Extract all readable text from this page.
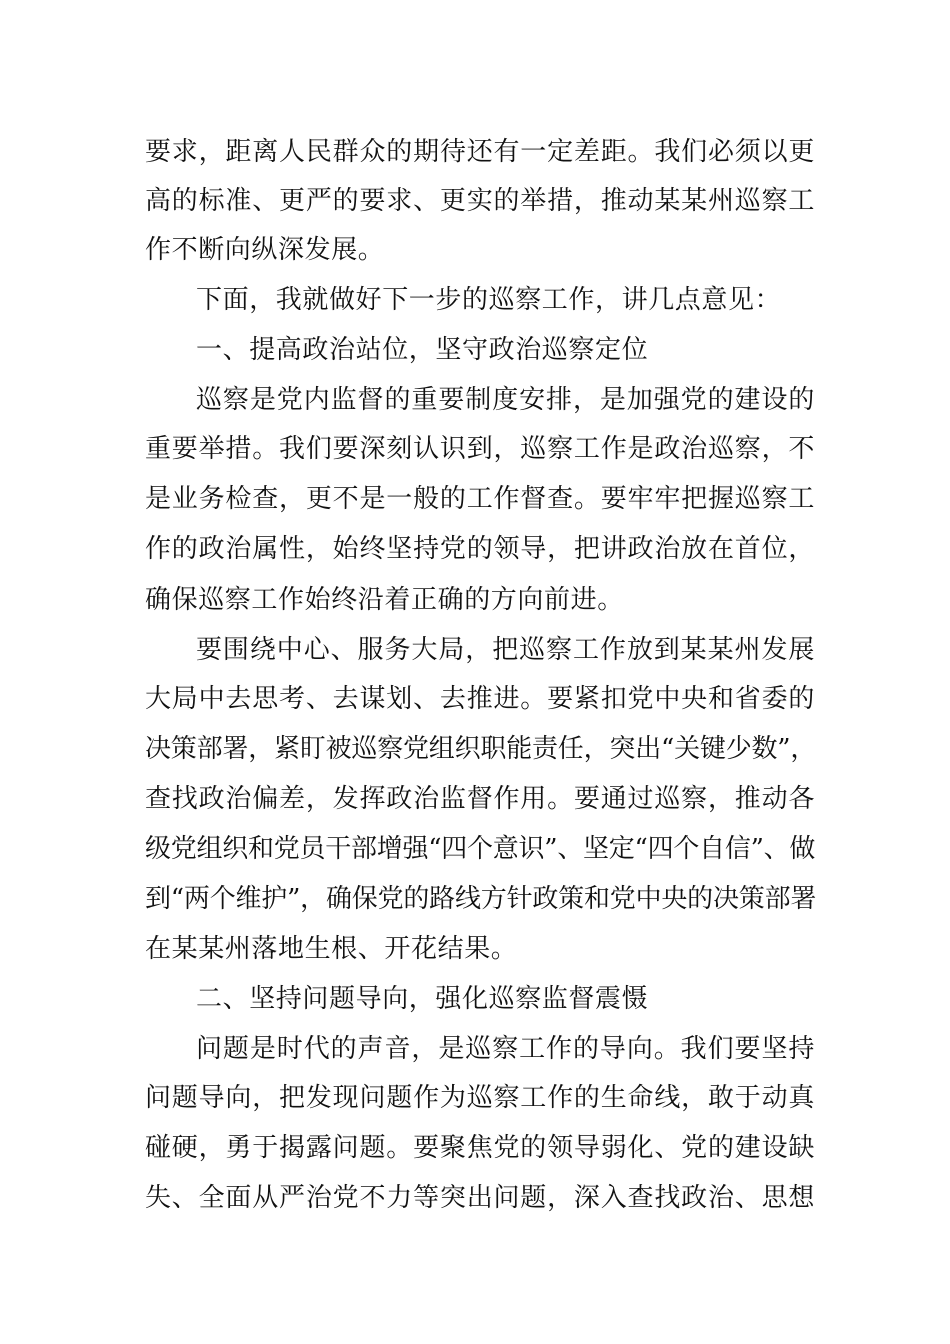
要求，距离人民群众的期待还有一定差距。我们必须以更
高的标准、更严的要求、更实的举措，推动某某州巡察工
作不断向纵深发展。
下面，我就做好下一步的巡察工作，讲几点意见：
一、提高政治站位，坚守政治巡察定位
巡察是党内监督的重要制度安排，是加强党的建设的
重要举措。我们要深刻认识到，巡察工作是政治巡察，不
是业务检查，更不是一般的工作督查。要牢牢把握巡察工
作的政治属性，始终坚持党的领导，把讲政治放在首位，
确保巡察工作始终沿着正确的方向前进。
要围绕中心、服务大局，把巡察工作放到某某州发展
大局中去思考、去谋划、去推进。要紧扣党中央和省委的
决策部署，紧盯被巡察党组织职能责任，突出“关键少数”，
查找政治偏差，发挥政治监督作用。要通过巡察，推动各
级党组织和党员干部增强“四个意识”、坚定“四个自信”、做
到“两个维护”，确保党的路线方针政策和党中央的决策部署
在某某州落地生根、开花结果。
二、坚持问题导向，强化巡察监督震慑
问题是时代的声音，是巡察工作的导向。我们要坚持
问题导向，把发现问题作为巡察工作的生命线，敢于动真
碰硬，勇于揭露问题。要聚焦党的领导弱化、党的建设缺
失、全面从严治党不力等突出问题，深入查找政治、思想
